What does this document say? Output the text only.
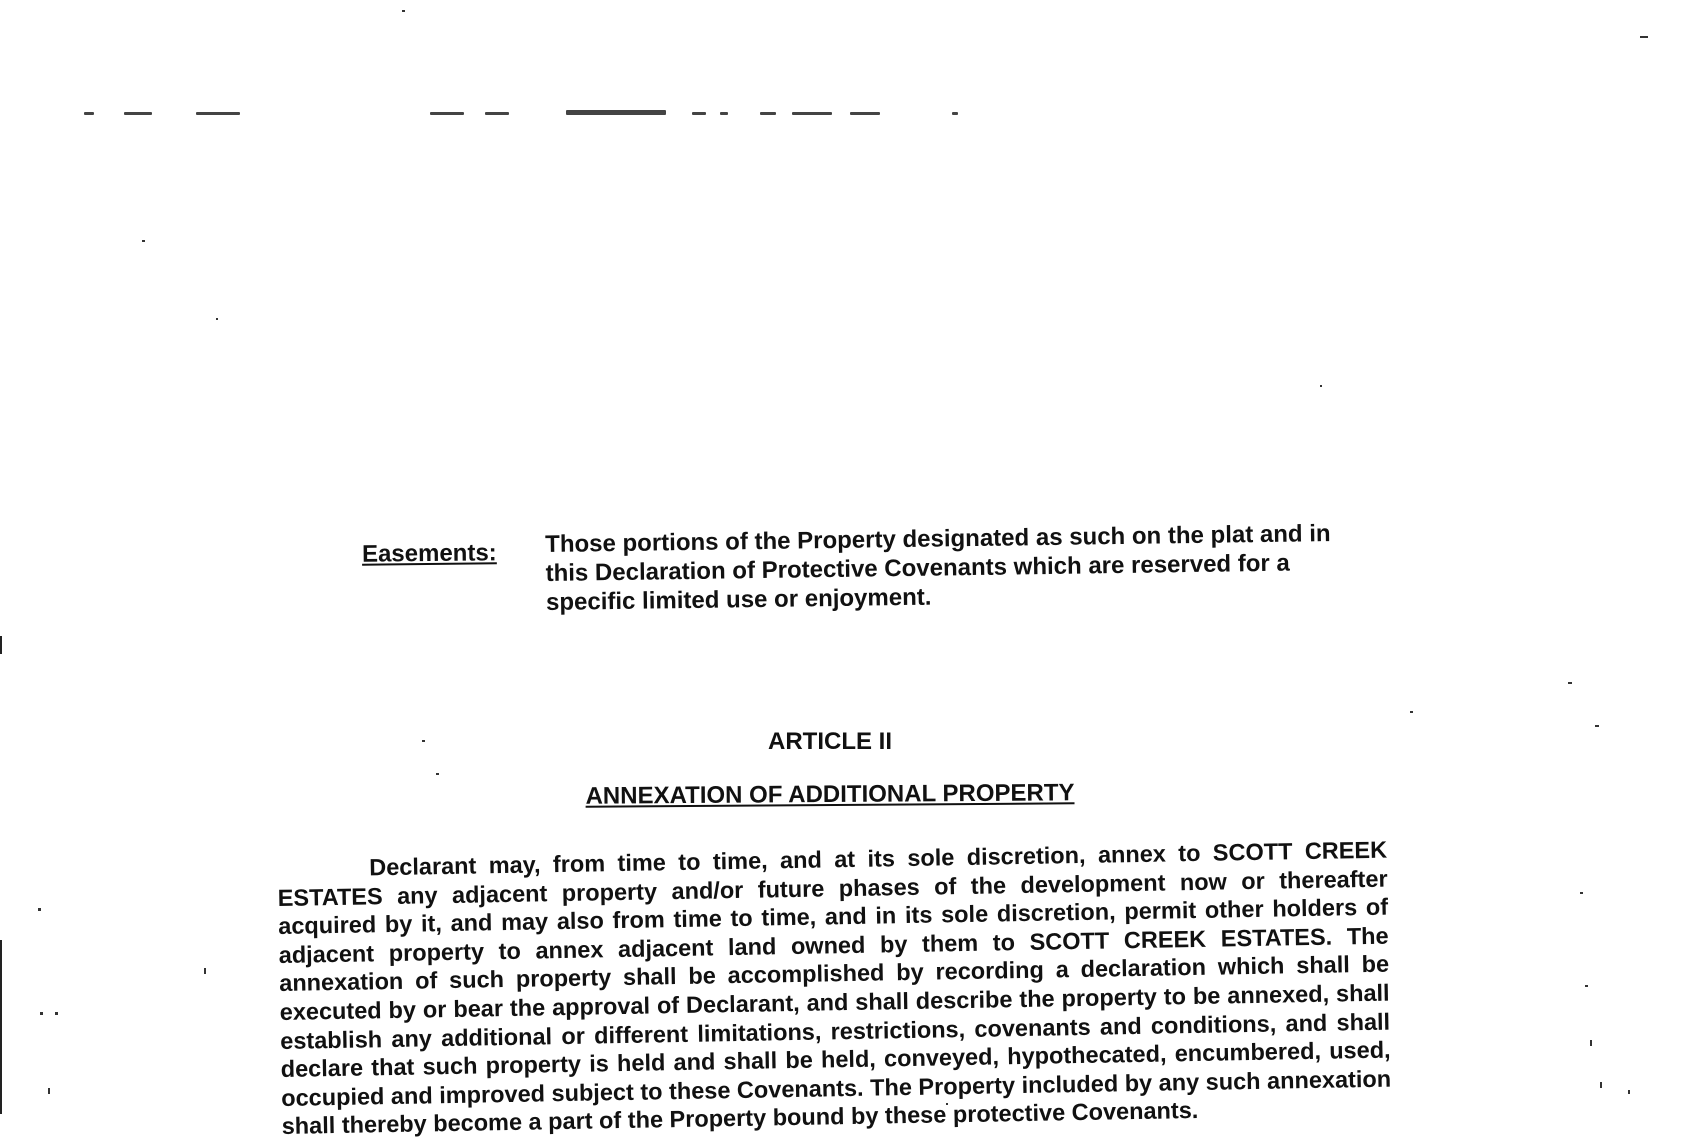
Easements: Those portions of the Property designated as such on the plat and in this Declaration of Protective Covenants which are reserved for a specific limited use or enjoyment.
ARTICLE II
ANNEXATION OF ADDITIONAL PROPERTY

Declarant may, from time to time, and at its sole discretion, annex to SCOTT CREEK ESTATES any adjacent property and/or future phases of the development now or thereafter acquired by it, and may also from time to time, and in its sole discretion, permit other holders of adjacent property to annex adjacent land owned by them to SCOTT CREEK ESTATES. The annexation of such property shall be accomplished by recording a declaration which shall be executed by or bear the approval of Declarant, and shall describe the property to be annexed, shall establish any additional or different limitations, restrictions, covenants and conditions, and shall declare that such property is held and shall be held, conveyed, hypothecated, encumbered, used, occupied and improved subject to these Covenants. The Property included by any such annexation shall thereby become a part of the Property bound by these protective Covenants.
